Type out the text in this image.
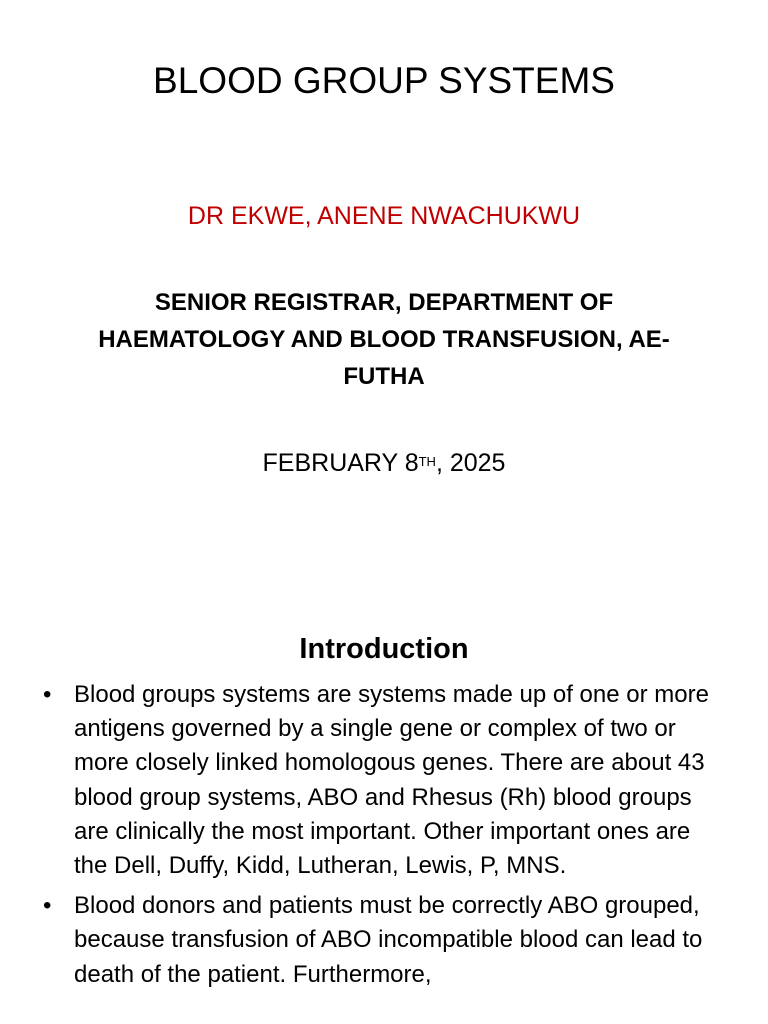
BLOOD GROUP SYSTEMS
DR EKWE, ANENE NWACHUKWU
SENIOR REGISTRAR, DEPARTMENT OF HAEMATOLOGY AND BLOOD TRANSFUSION, AE-FUTHA
FEBRUARY 8TH, 2025
Introduction
• Blood groups systems are systems made up of one or more antigens governed by a single gene or complex of two or more closely linked homologous genes. There are about 43 blood group systems, ABO and Rhesus (Rh) blood groups are clinically the most important. Other important ones are the Dell, Duffy, Kidd, Lutheran, Lewis, P, MNS.
• Blood donors and patients must be correctly ABO grouped, because transfusion of ABO incompatible blood can lead to death of the patient. Furthermore,
